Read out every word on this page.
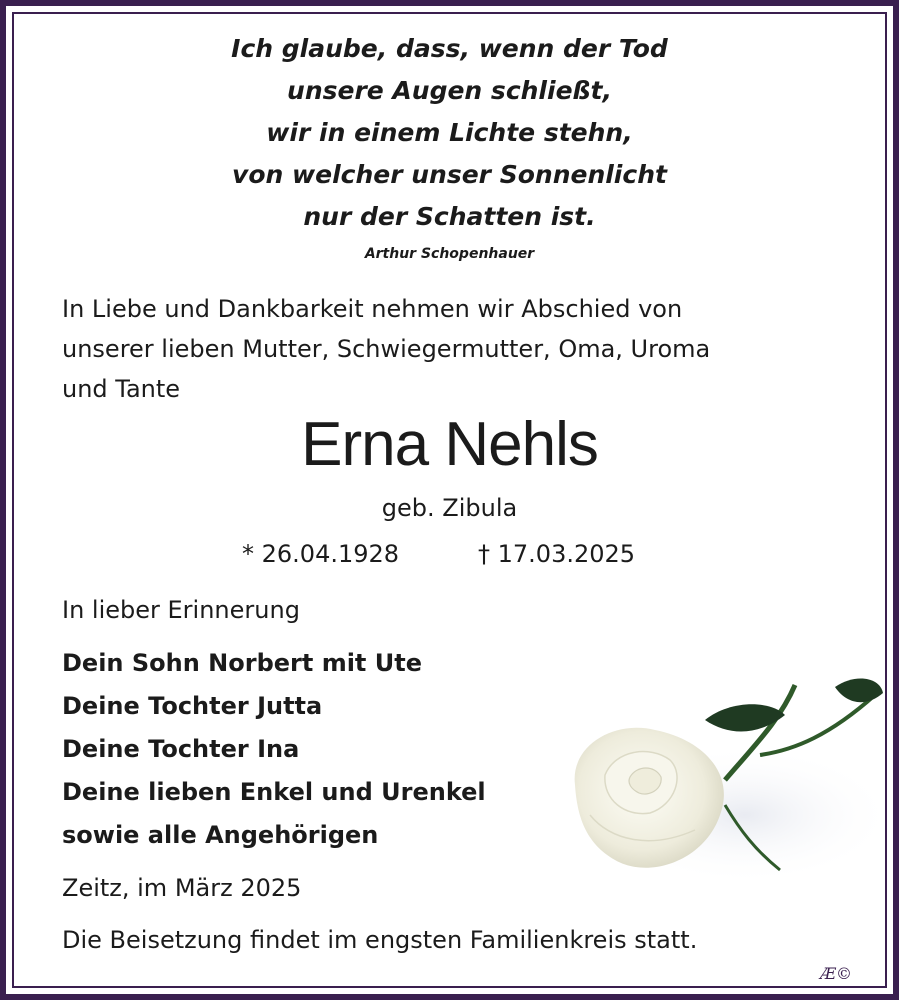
Ich glaube, dass, wenn der Tod
unsere Augen schließt,
wir in einem Lichte stehn,
von welcher unser Sonnenlicht
nur der Schatten ist.
Arthur Schopenhauer
In Liebe und Dankbarkeit nehmen wir Abschied von
unserer lieben Mutter, Schwiegermutter, Oma, Uroma
und Tante
Erna Nehls
geb. Zibula
* 26.04.1928	† 17.03.2025
In lieber Erinnerung
Dein Sohn Norbert mit Ute
Deine Tochter Jutta
Deine Tochter Ina
Deine lieben Enkel und Urenkel
sowie alle Angehörigen
Zeitz, im März 2025
Die Beisetzung findet im engsten Familienkreis statt.
Æ©
